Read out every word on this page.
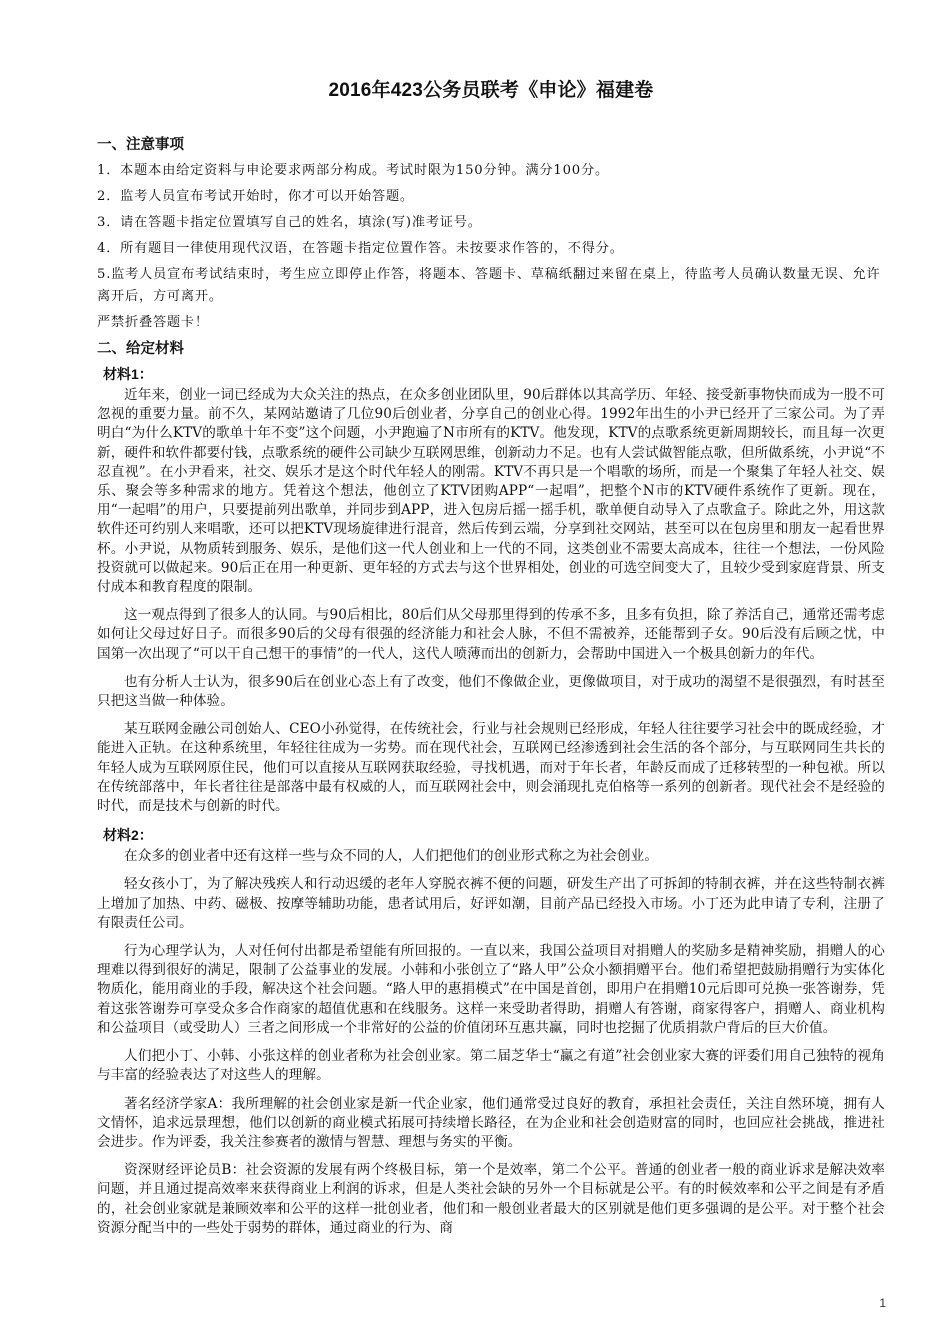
2016年423公务员联考《申论》福建卷
一、注意事项

1．本题本由给定资料与申论要求两部分构成。考试时限为150分钟。满分100分。

2．监考人员宣布考试开始时，你才可以开始答题。

3．请在答题卡指定位置填写自己的姓名，填涂(写)准考证号。

4．所有题目一律使用现代汉语，在答题卡指定位置作答。未按要求作答的，不得分。

5.监考人员宣布考试结束时，考生应立即停止作答，将题本、答题卡、草稿纸翻过来留在桌上，待监考人员确认数量无误、允许离开后，方可离开。

严禁折叠答题卡！

二、给定材料
材料1：

近年来，创业一词已经成为大众关注的热点，在众多创业团队里，90后群体以其高学历、年轻、接受新事物快而成为一股不可忽视的重要力量。前不久，某网站邀请了几位90后创业者，分享自己的创业心得。1992年出生的小尹已经开了三家公司。为了弄明白“为什么KTV的歌单十年不变”这个问题，小尹跑遍了N市所有的KTV。他发现，KTV的点歌系统更新周期较长，而且每一次更新，硬件和软件都要付钱，点歌系统的硬件公司缺少互联网思维，创新动力不足。也有人尝试做智能点歌，但所做系统，小尹说“不忍直视”。在小尹看来，社交、娱乐才是这个时代年轻人的刚需。KTV不再只是一个唱歌的场所，而是一个聚集了年轻人社交、娱乐、聚会等多种需求的地方。凭着这个想法，他创立了KTV团购APP“一起唱”，把整个N市的KTV硬件系统作了更新。现在，用“一起唱”的用户，只要提前列出歌单，并同步到APP，进入包房后摇一摇手机，歌单便自动导入了点歌盒子。除此之外，用这款软件还可约别人来唱歌，还可以把KTV现场旋律进行混音，然后传到云端，分享到社交网站，甚至可以在包房里和朋友一起看世界杯。小尹说，从物质转到服务、娱乐，是他们这一代人创业和上一代的不同，这类创业不需要太高成本，往往一个想法，一份风险投资就可以做起来。90后正在用一种更新、更年轻的方式去与这个世界相处，创业的可选空间变大了，且较少受到家庭背景、所支付成本和教育程度的限制。

这一观点得到了很多人的认同。与90后相比，80后们从父母那里得到的传承不多，且多有负担，除了养活自己，通常还需考虑如何让父母过好日子。而很多90后的父母有很强的经济能力和社会人脉，不但不需被养，还能帮到子女。90后没有后顾之忧，中国第一次出现了“可以干自己想干的事情”的一代人，这代人喷薄而出的创新力，会帮助中国进入一个极具创新力的年代。

也有分析人士认为，很多90后在创业心态上有了改变，他们不像做企业，更像做项目，对于成功的渴望不是很强烈，有时甚至只把这当做一种体验。

某互联网金融公司创始人、CEO小孙觉得，在传统社会，行业与社会规则已经形成，年轻人往往要学习社会中的既成经验，才能进入正轨。在这种系统里，年轻往往成为一劣势。而在现代社会，互联网已经渗透到社会生活的各个部分，与互联网同生共长的年轻人成为互联网原住民，他们可以直接从互联网获取经验，寻找机遇，而对于年长者，年龄反而成了迁移转型的一种包袱。所以在传统部落中，年长者往往是部落中最有权威的人，而互联网社会中，则会涌现扎克伯格等一系列的创新者。现代社会不是经验的时代，而是技术与创新的时代。

材料2：

在众多的创业者中还有这样一些与众不同的人，人们把他们的创业形式称之为社会创业。

轻女孩小丁，为了解决残疾人和行动迟缓的老年人穿脱衣裤不便的问题，研发生产出了可拆卸的特制衣裤，并在这些特制衣裤上增加了加热、中药、磁极、按摩等辅助功能，患者试用后，好评如潮，目前产品已经投入市场。小丁还为此申请了专利，注册了有限责任公司。

行为心理学认为，人对任何付出都是希望能有所回报的。一直以来，我国公益项目对捐赠人的奖励多是精神奖励，捐赠人的心理难以得到很好的满足，限制了公益事业的发展。小韩和小张创立了“路人甲”公众小额捐赠平台。他们希望把鼓励捐赠行为实体化物质化，能用商业的手段，解决这个社会问题。“路人甲的惠捐模式”在中国是首创，即用户在捐赠10元后即可兑换一张答谢券，凭着这张答谢券可享受众多合作商家的超值优惠和在线服务。这样一来受助者得助，捐赠人有答谢，商家得客户，捐赠人、商业机构和公益项目（或受助人）三者之间形成一个非常好的公益的价值闭环互惠共赢，同时也挖掘了优质捐款户背后的巨大价值。

人们把小丁、小韩、小张这样的创业者称为社会创业家。第二届芝华士“赢之有道”社会创业家大赛的评委们用自己独特的视角与丰富的经验表达了对这些人的理解。

著名经济学家A：我所理解的社会创业家是新一代企业家，他们通常受过良好的教育，承担社会责任，关注自然环境，拥有人文情怀，追求远景理想，他们以创新的商业模式拓展可持续增长路径，在为企业和社会创造财富的同时，也回应社会挑战，推进社会进步。作为评委，我关注参赛者的激情与智慧、理想与务实的平衡。

资深财经评论员B：社会资源的发展有两个终极目标，第一个是效率，第二个公平。普通的创业者一般的商业诉求是解决效率问题，并且通过提高效率来获得商业上利润的诉求，但是人类社会缺的另外一个目标就是公平。有的时候效率和公平之间是有矛盾的，社会创业家就是兼顾效率和公平的这样一批创业者，他们和一般创业者最大的区别就是他们更多强调的是公平。对于整个社会资源分配当中的一些处于弱势的群体，通过商业的行为、商

1
